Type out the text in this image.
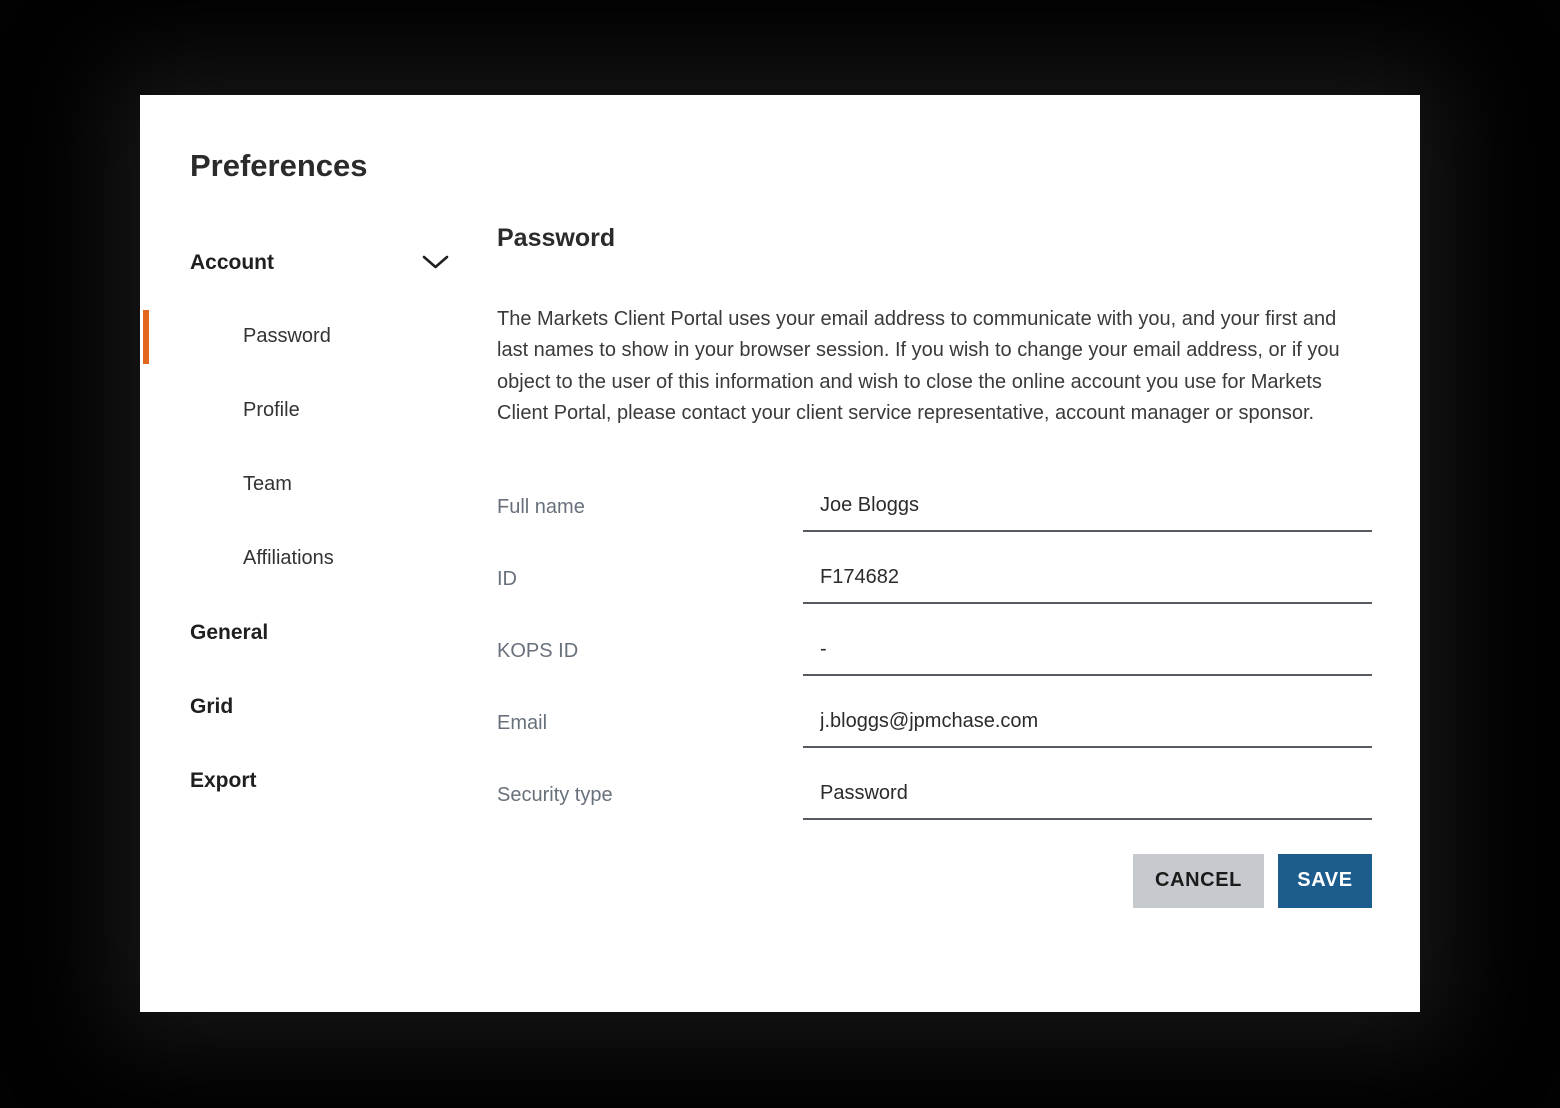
Preferences
Account
Password
Profile
Team
Affiliations
General
Grid
Export
Password

The Markets Client Portal uses your email address to communicate with you, and your first and last names to show in your browser session. If you wish to change your email address, or if you object to the user of this information and wish to close the online account you use for Markets Client Portal, please contact your client service representative, account manager or sponsor.

Full name
Joe Bloggs
ID
F174682
KOPS ID
-
Email
j.bloggs@jpmchase.com
Security type
Password
CANCEL	SAVE
